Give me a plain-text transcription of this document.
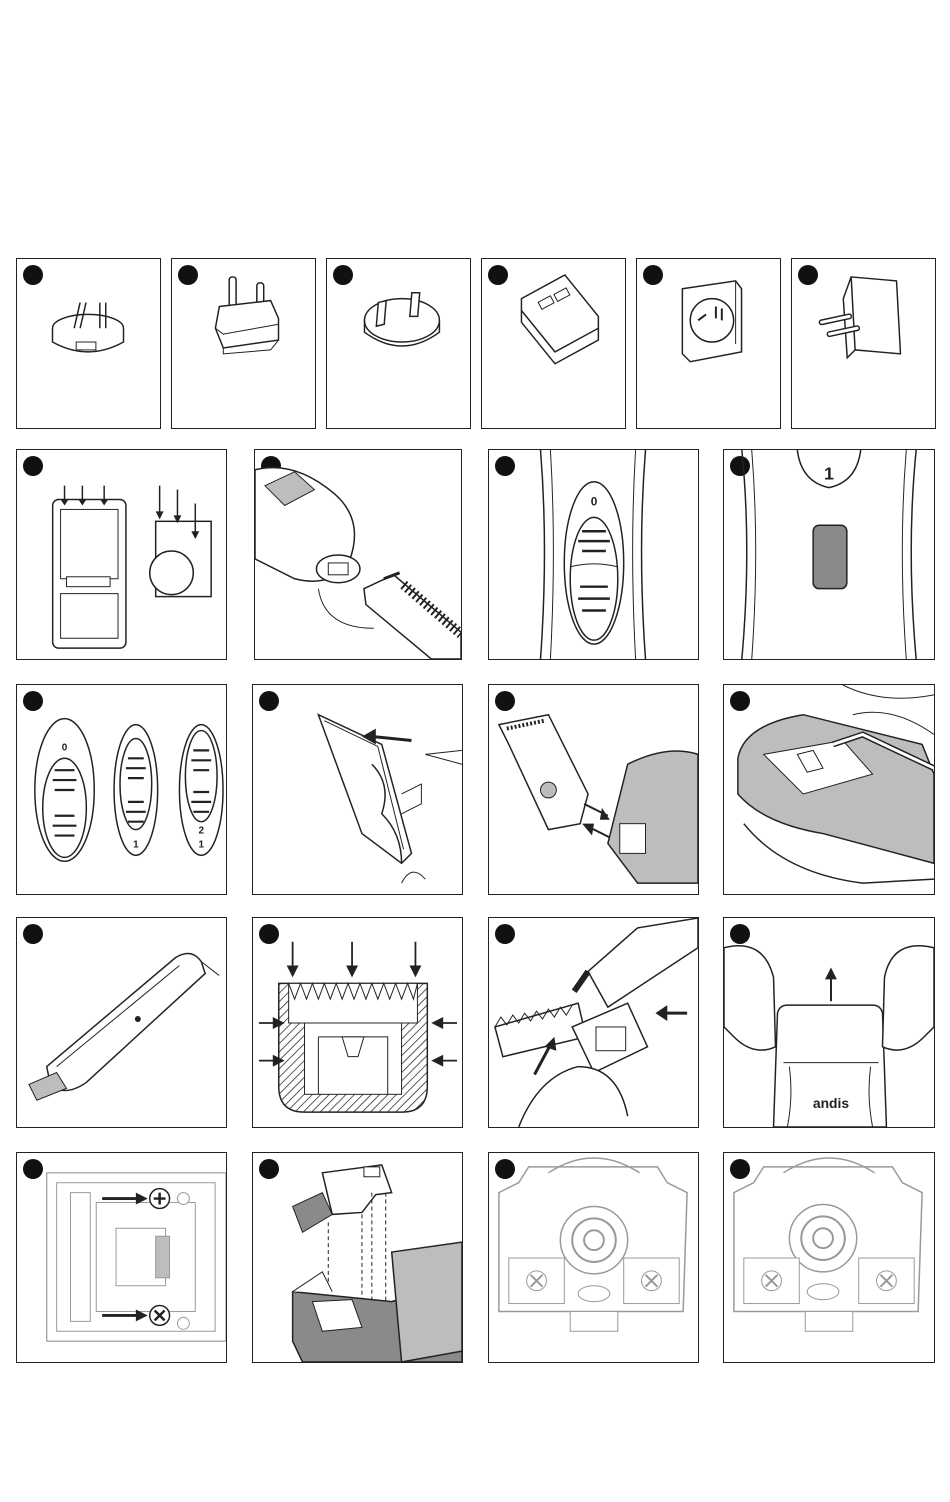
0
1
0
1
2
1
andis
